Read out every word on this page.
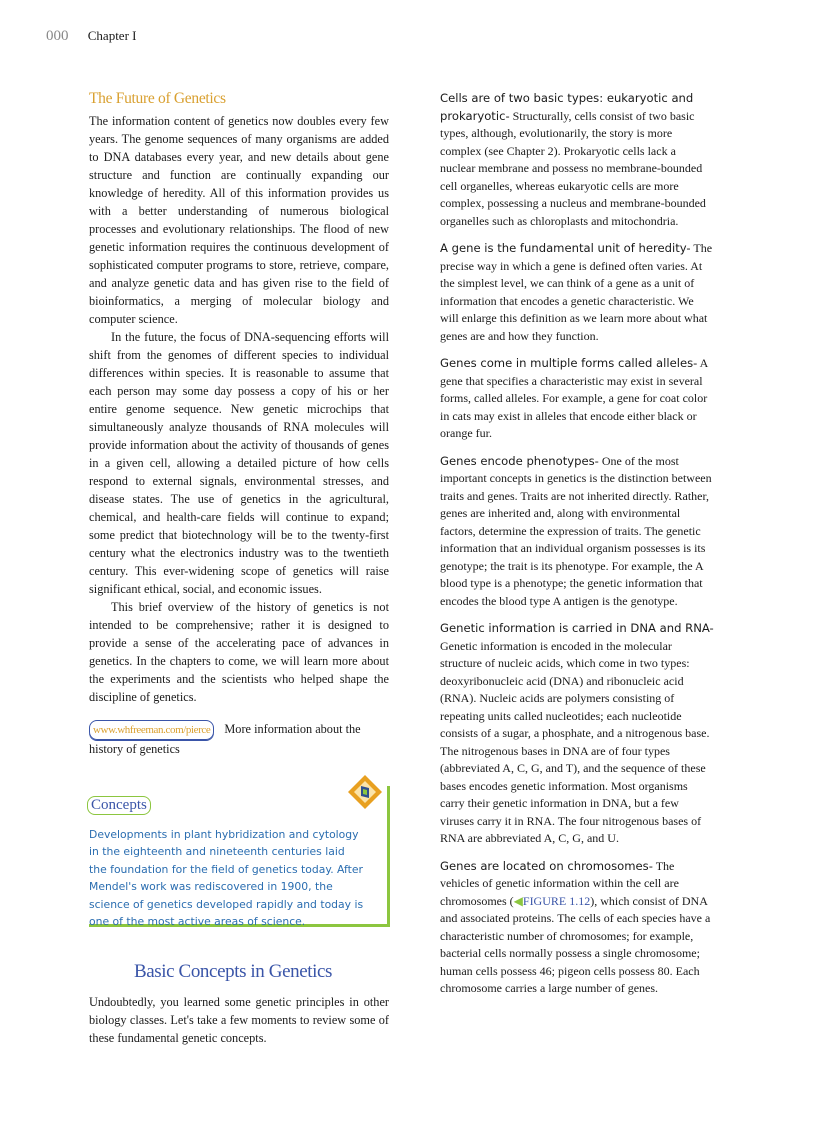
000 Chapter I
The Future of Genetics

The information content of genetics now doubles every few years. The genome sequences of many organisms are added to DNA databases every year, and new details about gene structure and function are continually expanding our knowledge of heredity. All of this information provides us with a better understanding of numerous biological processes and evolutionary relationships. The flood of new genetic information requires the continuous development of sophisticated computer programs to store, retrieve, compare, and analyze genetic data and has given rise to the field of bioinformatics, a merging of molecular biology and computer science.

In the future, the focus of DNA-sequencing efforts will shift from the genomes of different species to individual differences within species. It is reasonable to assume that each person may some day possess a copy of his or her entire genome sequence. New genetic microchips that simultaneously analyze thousands of RNA molecules will provide information about the activity of thousands of genes in a given cell, allowing a detailed picture of how cells respond to external signals, environmental stresses, and disease states. The use of genetics in the agricultural, chemical, and health-care fields will continue to expand; some predict that biotechnology will be to the twenty-first century what the electronics industry was to the twentieth century. This ever-widening scope of genetics will raise significant ethical, social, and economic issues.

This brief overview of the history of genetics is not intended to be comprehensive; rather it is designed to provide a sense of the accelerating pace of advances in genetics. In the chapters to come, we will learn more about the experiments and the scientists who helped shape the discipline of genetics.

www.whfreeman.com/pierce More information about the history of genetics
Concepts
Developments in plant hybridization and cytology in the eighteenth and nineteenth centuries laid the foundation for the field of genetics today. After Mendel's work was rediscovered in 1900, the science of genetics developed rapidly and today is one of the most active areas of science.
Basic Concepts in Genetics

Undoubtedly, you learned some genetic principles in other biology classes. Let's take a few moments to review some of these fundamental genetic concepts.

Cells are of two basic types: eukaryotic and prokaryotic- Structurally, cells consist of two basic types, although, evolutionarily, the story is more complex (see Chapter 2). Prokaryotic cells lack a nuclear membrane and possess no membrane-bounded cell organelles, whereas eukaryotic cells are more complex, possessing a nucleus and membrane-bounded organelles such as chloroplasts and mitochondria.

A gene is the fundamental unit of heredity- The precise way in which a gene is defined often varies. At the simplest level, we can think of a gene as a unit of information that encodes a genetic characteristic. We will enlarge this definition as we learn more about what genes are and how they function.

Genes come in multiple forms called alleles- A gene that specifies a characteristic may exist in several forms, called alleles. For example, a gene for coat color in cats may exist in alleles that encode either black or orange fur.

Genes encode phenotypes- One of the most important concepts in genetics is the distinction between traits and genes. Traits are not inherited directly. Rather, genes are inherited and, along with environmental factors, determine the expression of traits. The genetic information that an individual organism possesses is its genotype; the trait is its phenotype. For example, the A blood type is a phenotype; the genetic information that encodes the blood type A antigen is the genotype.

Genetic information is carried in DNA and RNA- Genetic information is encoded in the molecular structure of nucleic acids, which come in two types: deoxyribonucleic acid (DNA) and ribonucleic acid (RNA). Nucleic acids are polymers consisting of repeating units called nucleotides; each nucleotide consists of a sugar, a phosphate, and a nitrogenous base. The nitrogenous bases in DNA are of four types (abbreviated A, C, G, and T), and the sequence of these bases encodes genetic information. Most organisms carry their genetic information in DNA, but a few viruses carry it in RNA. The four nitrogenous bases of RNA are abbreviated A, C, G, and U.

Genes are located on chromosomes- The vehicles of genetic information within the cell are chromosomes (◀FIGURE 1.12), which consist of DNA and associated proteins. The cells of each species have a characteristic number of chromosomes; for example, bacterial cells normally possess a single chromosome; human cells possess 46; pigeon cells possess 80. Each chromosome carries a large number of genes.
